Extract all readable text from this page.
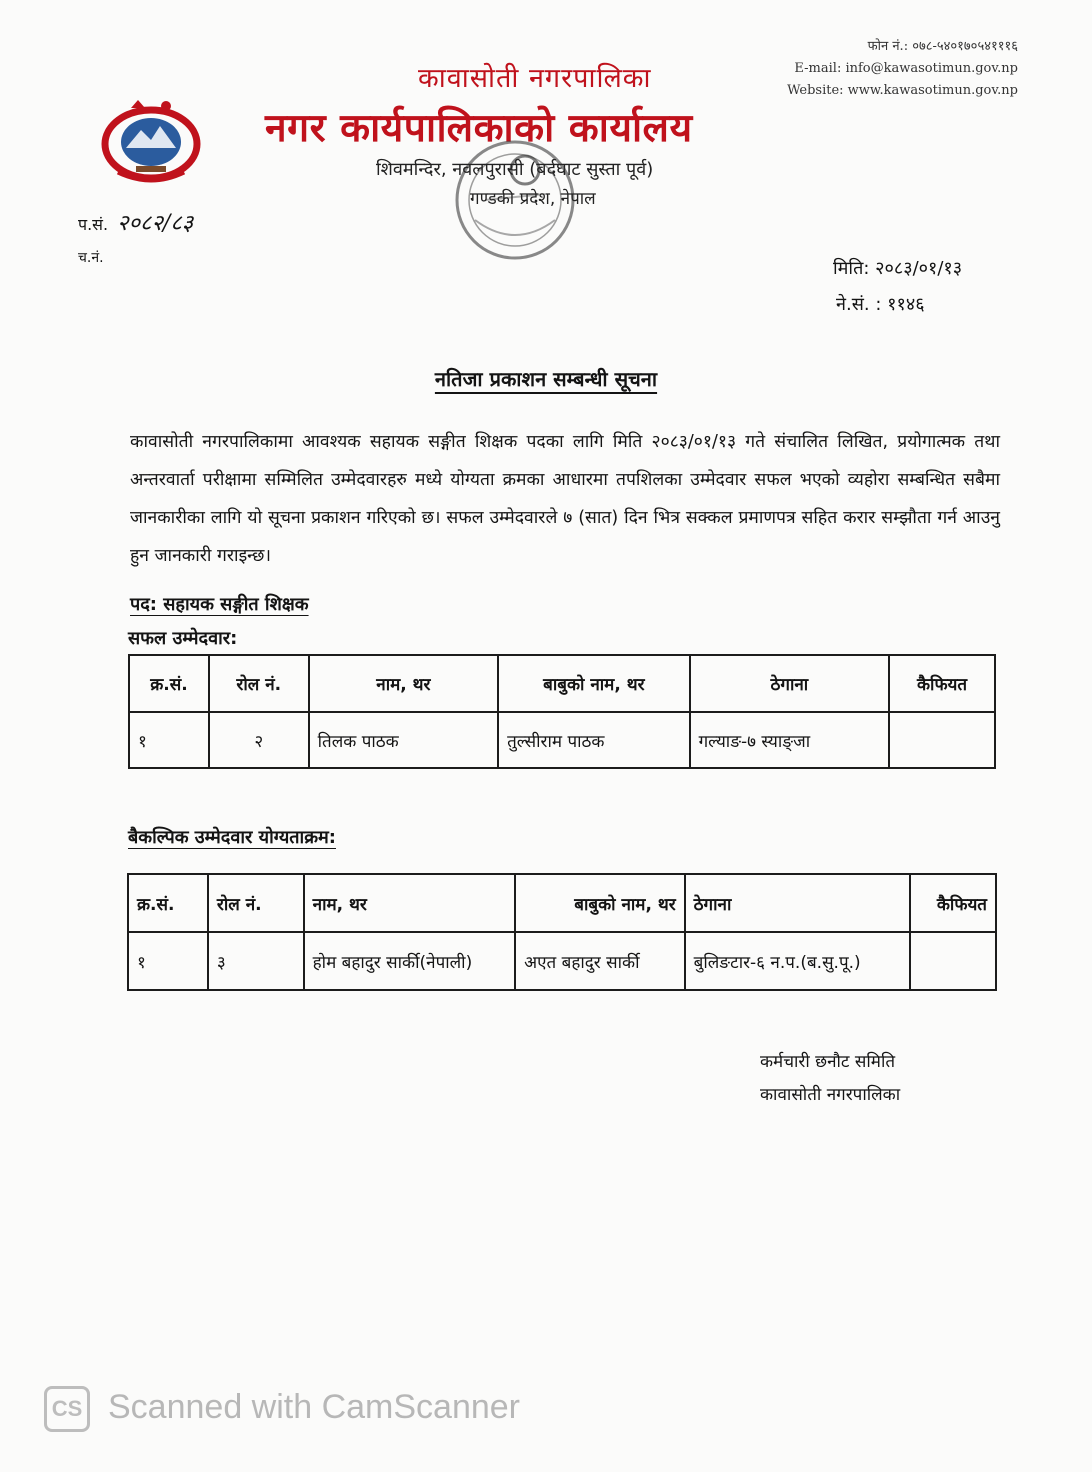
कावासोती नगरपालिका
नगर कार्यपालिकाको कार्यालय
शिवमन्दिर, नवलपुरासी (बर्दघाट सुस्ता पूर्व)
गण्डकी प्रदेश, नेपाल
फोन नं.: ०७८-५४०१७०५४१११६
E-mail: info@kawasotimun.gov.np
Website: www.kawasotimun.gov.np
प.सं. २०८२/८३
च.नं.	मिति: २०८३/०१/१३
ने.सं. : ११४६
नतिजा प्रकाशन सम्बन्धी सूचना
कावासोती नगरपालिकामा आवश्यक सहायक सङ्गीत शिक्षक पदका लागि मिति २०८३/०१/१३ गते संचालित लिखित, प्रयोगात्मक तथा अन्तरवार्ता परीक्षामा सम्मिलित उम्मेदवारहरु मध्ये योग्यता क्रमका आधारमा तपशिलका उम्मेदवार सफल भएको व्यहोरा सम्बन्धित सबैमा जानकारीका लागि यो सूचना प्रकाशन गरिएको छ। सफल उम्मेदवारले ७ (सात) दिन भित्र सक्कल प्रमाणपत्र सहित करार सम्झौता गर्न आउनु हुन जानकारी गराइन्छ।
पद: सहायक सङ्गीत शिक्षक
सफल उम्मेदवार:
क्र.सं.	रोल नं.	नाम, थर	बाबुको नाम, थर	ठेगाना	कैफियत
१	२	तिलक पाठक	तुल्सीराम पाठक	गल्याङ-७ स्याङ्जा	
बैकल्पिक उम्मेदवार योग्यताक्रम:
क्र.सं.	रोल नं.	नाम, थर	बाबुको नाम, थर	ठेगाना	कैफियत
१	३	होम बहादुर सार्की(नेपाली)	अएत बहादुर सार्की	बुलिङटार-६ न.प.(ब.सु.पू.)	
कर्मचारी छनौट समिति
कावासोती नगरपालिका
CS Scanned with CamScanner
